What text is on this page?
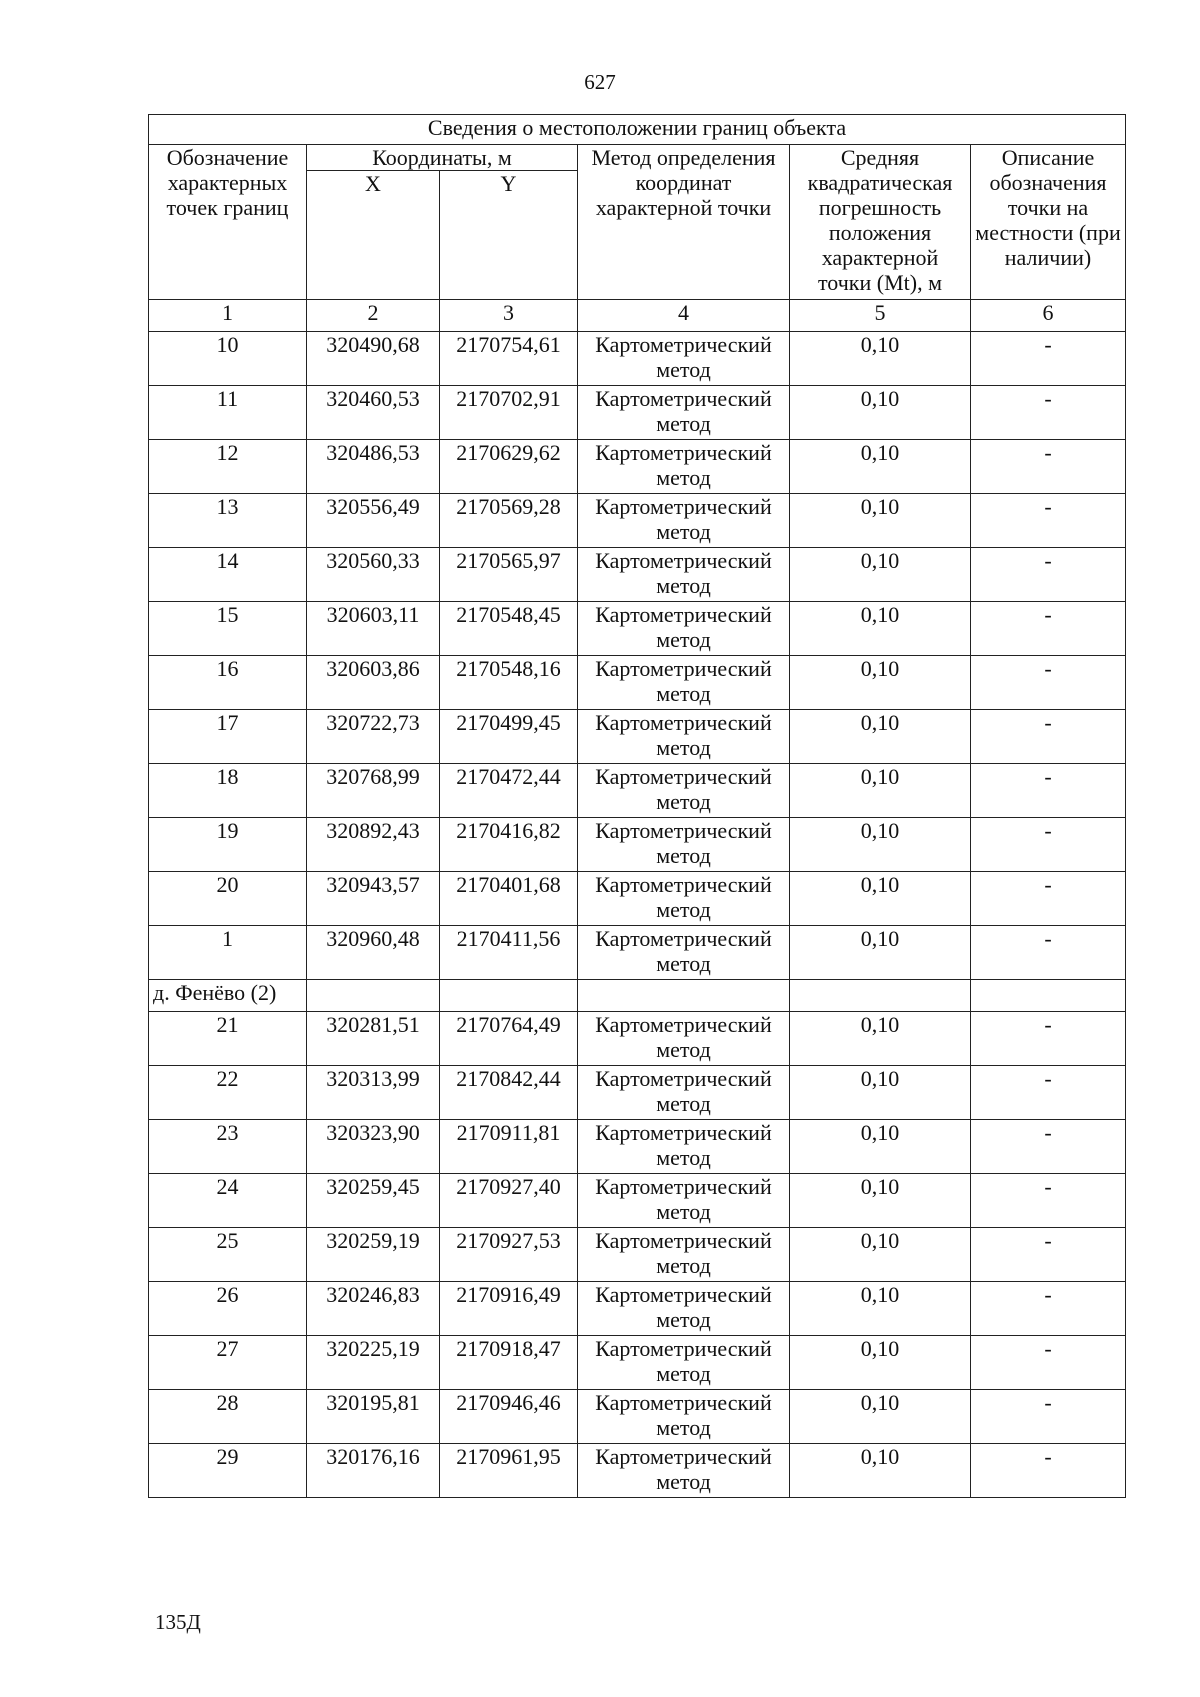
627
Сведения о местоположении границ объекта					
Обозначение характерных точек границ	Координаты, м		Метод определения координат характерной точки	Средняя квадратическая погрешность положения характерной точки (Mt), м	Описание обозначения точки на местности (при наличии)
	X	Y			
1	2	3	4	5	6
10	320490,68	2170754,61	Картометрический метод	0,10	-
11	320460,53	2170702,91	Картометрический метод	0,10	-
12	320486,53	2170629,62	Картометрический метод	0,10	-
13	320556,49	2170569,28	Картометрический метод	0,10	-
14	320560,33	2170565,97	Картометрический метод	0,10	-
15	320603,11	2170548,45	Картометрический метод	0,10	-
16	320603,86	2170548,16	Картометрический метод	0,10	-
17	320722,73	2170499,45	Картометрический метод	0,10	-
18	320768,99	2170472,44	Картометрический метод	0,10	-
19	320892,43	2170416,82	Картометрический метод	0,10	-
20	320943,57	2170401,68	Картометрический метод	0,10	-
1	320960,48	2170411,56	Картометрический метод	0,10	-
д. Фенёво (2)					
21	320281,51	2170764,49	Картометрический метод	0,10	-
22	320313,99	2170842,44	Картометрический метод	0,10	-
23	320323,90	2170911,81	Картометрический метод	0,10	-
24	320259,45	2170927,40	Картометрический метод	0,10	-
25	320259,19	2170927,53	Картометрический метод	0,10	-
26	320246,83	2170916,49	Картометрический метод	0,10	-
27	320225,19	2170918,47	Картометрический метод	0,10	-
28	320195,81	2170946,46	Картометрический метод	0,10	-
29	320176,16	2170961,95	Картометрический метод	0,10	-
135Д
